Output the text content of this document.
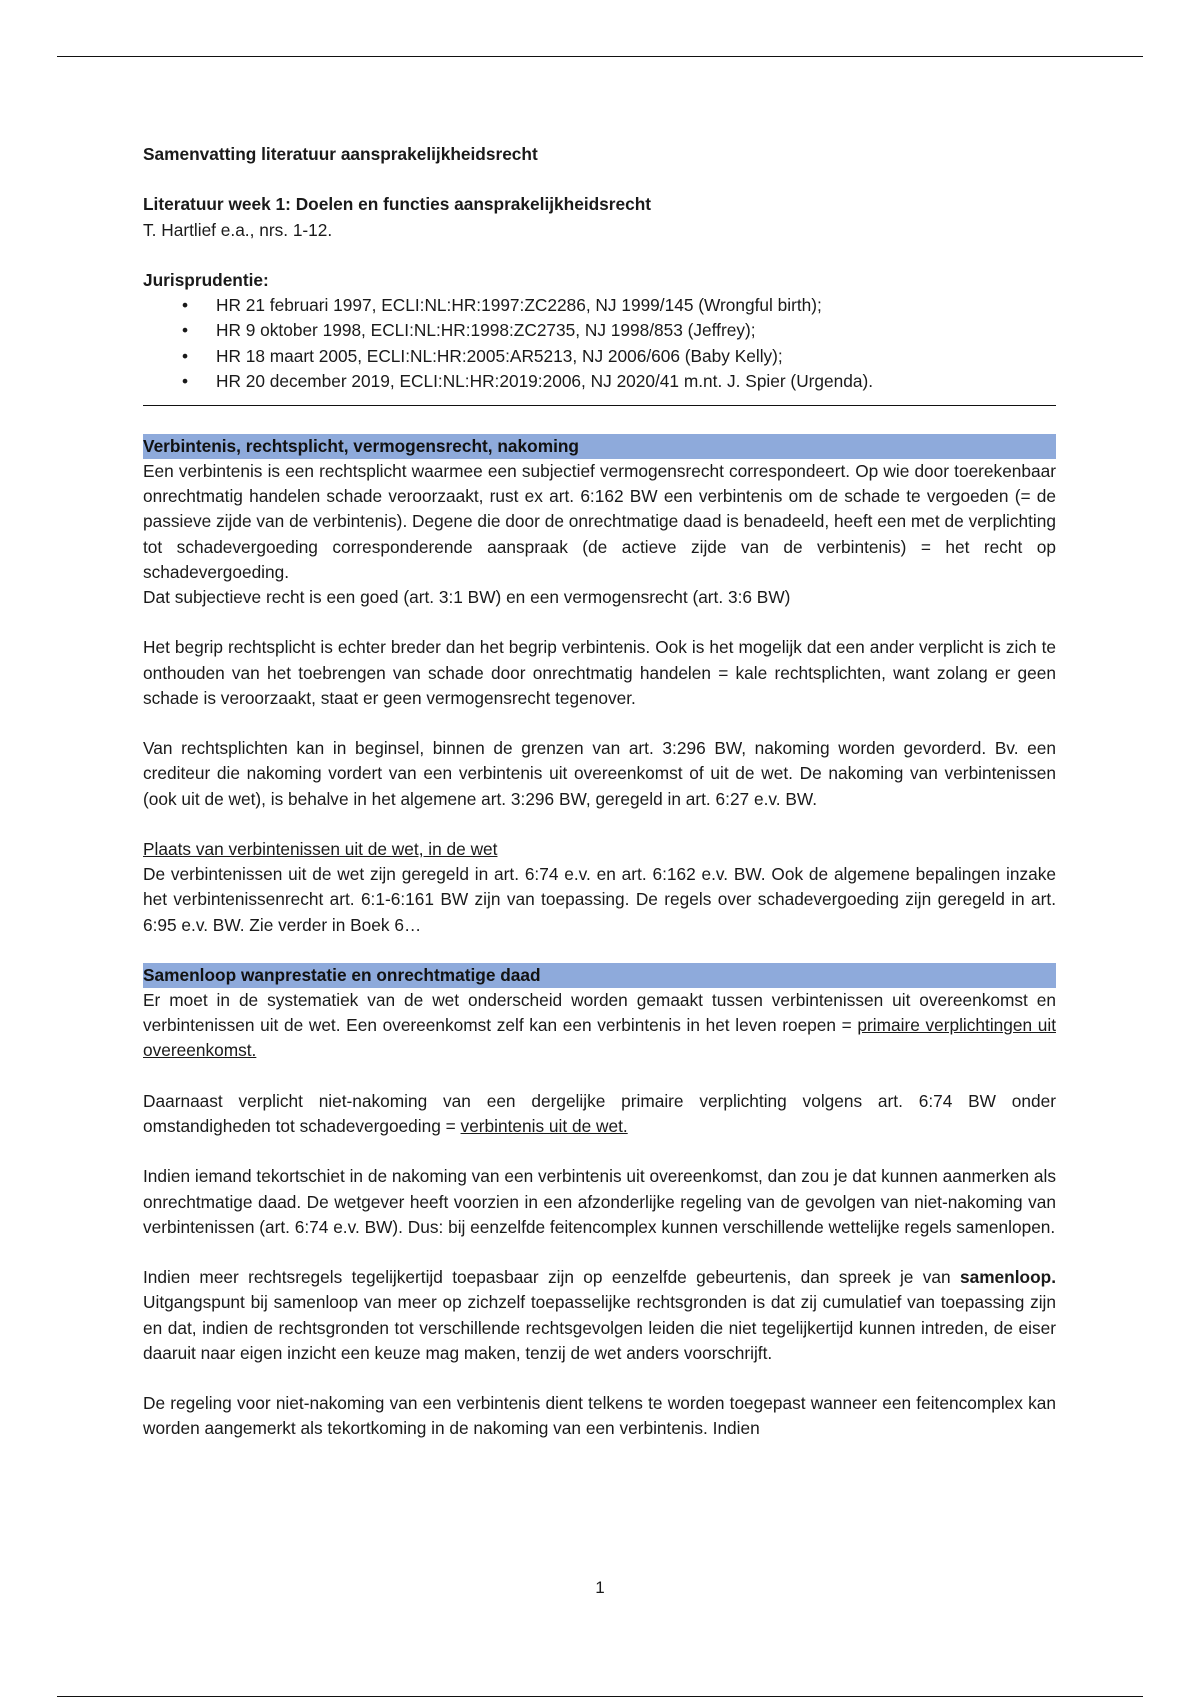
Samenvatting literatuur aansprakelijkheidsrecht

Literatuur week 1: Doelen en functies aansprakelijkheidsrecht

T. Hartlief e.a., nrs. 1-12.

Jurisprudentie:

• HR 21 februari 1997, ECLI:NL:HR:1997:ZC2286, NJ 1999/145 (Wrongful birth);
• HR 9 oktober 1998, ECLI:NL:HR:1998:ZC2735, NJ 1998/853 (Jeffrey);
• HR 18 maart 2005, ECLI:NL:HR:2005:AR5213, NJ 2006/606 (Baby Kelly);
• HR 20 december 2019, ECLI:NL:HR:2019:2006, NJ 2020/41 m.nt. J. Spier (Urgenda).
Verbintenis, rechtsplicht, vermogensrecht, nakoming

Een verbintenis is een rechtsplicht waarmee een subjectief vermogensrecht correspondeert. Op wie door toerekenbaar onrechtmatig handelen schade veroorzaakt, rust ex art. 6:162 BW een verbintenis om de schade te vergoeden (= de passieve zijde van de verbintenis). Degene die door de onrechtmatige daad is benadeeld, heeft een met de verplichting tot schadevergoeding corresponderende aanspraak (de actieve zijde van de verbintenis) = het recht op schadevergoeding.

Dat subjectieve recht is een goed (art. 3:1 BW) en een vermogensrecht (art. 3:6 BW)

Het begrip rechtsplicht is echter breder dan het begrip verbintenis. Ook is het mogelijk dat een ander verplicht is zich te onthouden van het toebrengen van schade door onrechtmatig handelen = kale rechtsplichten, want zolang er geen schade is veroorzaakt, staat er geen vermogensrecht tegenover.

Van rechtsplichten kan in beginsel, binnen de grenzen van art. 3:296 BW, nakoming worden gevorderd. Bv. een crediteur die nakoming vordert van een verbintenis uit overeenkomst of uit de wet. De nakoming van verbintenissen (ook uit de wet), is behalve in het algemene art. 3:296 BW, geregeld in art. 6:27 e.v. BW.

Plaats van verbintenissen uit de wet, in de wet

De verbintenissen uit de wet zijn geregeld in art. 6:74 e.v. en art. 6:162 e.v. BW. Ook de algemene bepalingen inzake het verbintenissenrecht art. 6:1-6:161 BW zijn van toepassing. De regels over schadevergoeding zijn geregeld in art. 6:95 e.v. BW. Zie verder in Boek 6…

Samenloop wanprestatie en onrechtmatige daad

Er moet in de systematiek van de wet onderscheid worden gemaakt tussen verbintenissen uit overeenkomst en verbintenissen uit de wet. Een overeenkomst zelf kan een verbintenis in het leven roepen = primaire verplichtingen uit overeenkomst.

Daarnaast verplicht niet-nakoming van een dergelijke primaire verplichting volgens art. 6:74 BW onder omstandigheden tot schadevergoeding = verbintenis uit de wet.

Indien iemand tekortschiet in de nakoming van een verbintenis uit overeenkomst, dan zou je dat kunnen aanmerken als onrechtmatige daad. De wetgever heeft voorzien in een afzonderlijke regeling van de gevolgen van niet-nakoming van verbintenissen (art. 6:74 e.v. BW). Dus: bij eenzelfde feitencomplex kunnen verschillende wettelijke regels samenlopen.

Indien meer rechtsregels tegelijkertijd toepasbaar zijn op eenzelfde gebeurtenis, dan spreek je van samenloop. Uitgangspunt bij samenloop van meer op zichzelf toepasselijke rechtsgronden is dat zij cumulatief van toepassing zijn en dat, indien de rechtsgronden tot verschillende rechtsgevolgen leiden die niet tegelijkertijd kunnen intreden, de eiser daaruit naar eigen inzicht een keuze mag maken, tenzij de wet anders voorschrijft.

De regeling voor niet-nakoming van een verbintenis dient telkens te worden toegepast wanneer een feitencomplex kan worden aangemerkt als tekortkoming in de nakoming van een verbintenis. Indien

1
